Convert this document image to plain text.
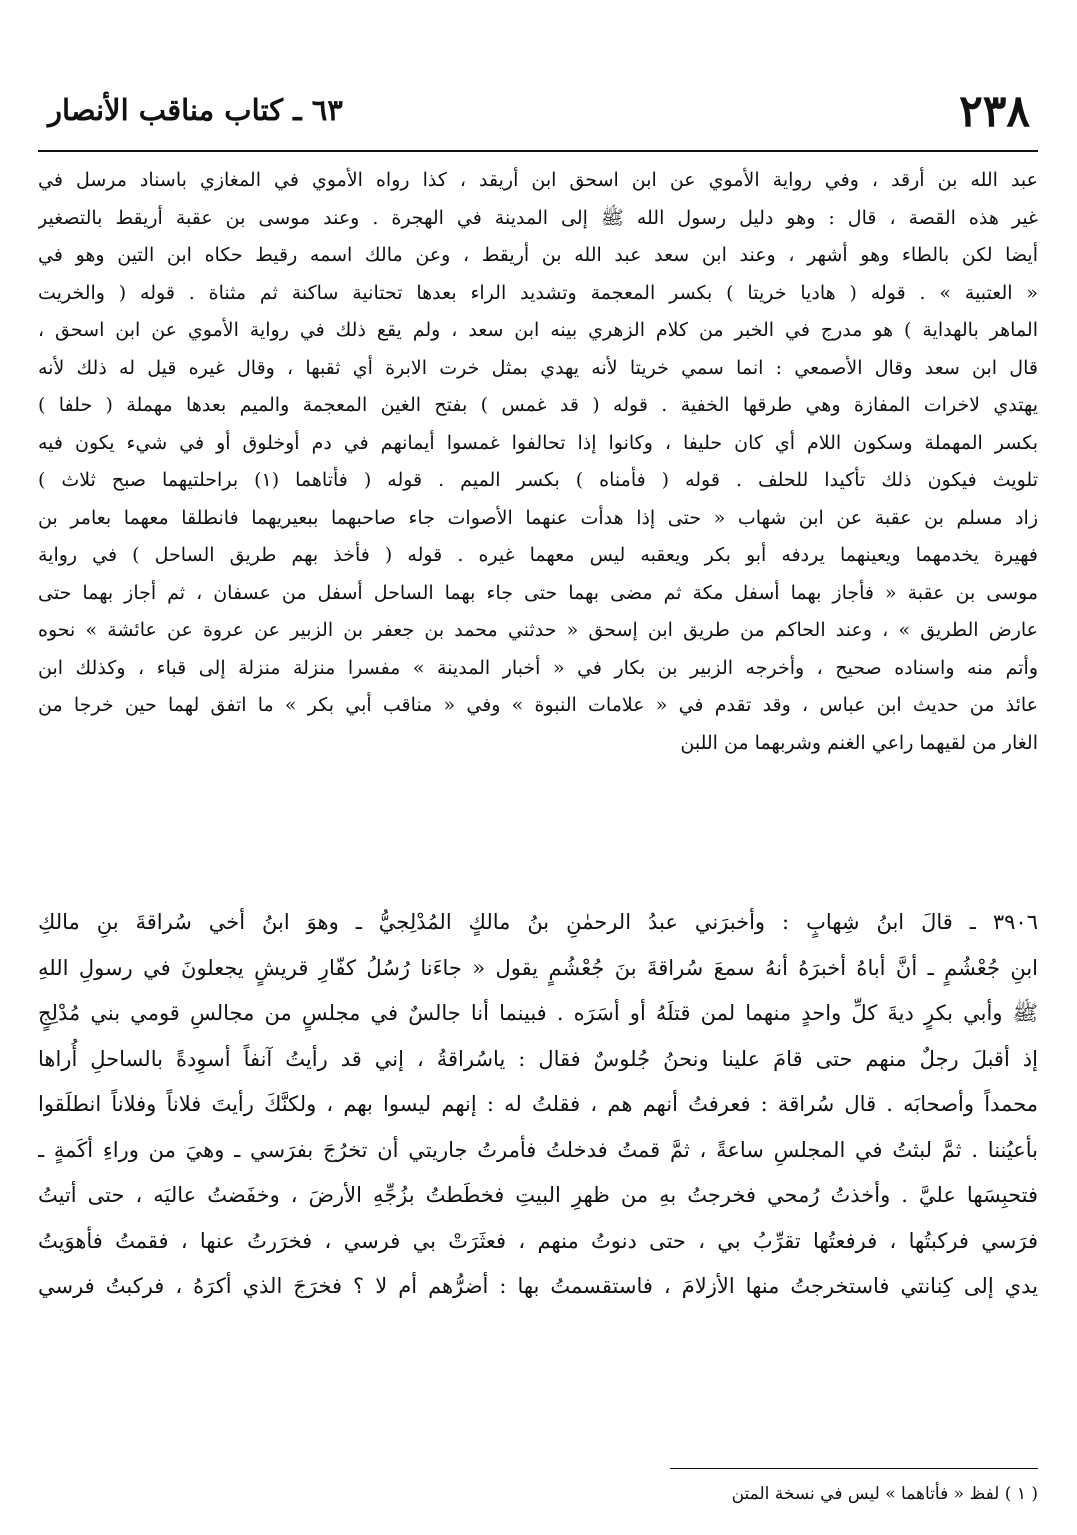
٢٣٨
٦٣ ـ كتاب مناقب الأنصار
عبد الله بن أرقد ، وفي رواية الأموي عن ابن اسحق ابن أريقد ، كذا رواه الأموي في المغازي باسناد مرسل في
غير هذه القصة ، قال : وهو دليل رسول الله ﷺ إلى المدينة في الهجرة . وعند موسى بن عقبة أريقط بالتصغير
أيضا لكن بالطاء وهو أشهر ، وعند ابن سعد عبد الله بن أريقط ، وعن مالك اسمه رقيط حكاه ابن التين وهو في
« العتبية » . قوله ( هاديا خريتا ) بكسر المعجمة وتشديد الراء بعدها تحتانية ساكنة ثم مثناة . قوله ( والخريت
الماهر بالهداية ) هو مدرج في الخبر من كلام الزهري بينه ابن سعد ، ولم يقع ذلك في رواية الأموي عن ابن اسحق ،
قال ابن سعد وقال الأصمعي : انما سمي خريتا لأنه يهدي بمثل خرت الابرة أي ثقبها ، وقال غيره قيل له ذلك لأنه
يهتدي لاخرات المفازة وهي طرقها الخفية . قوله ( قد غمس ) بفتح الغين المعجمة والميم بعدها مهملة ( حلفا )
بكسر المهملة وسكون اللام أي كان حليفا ، وكانوا إذا تحالفوا غمسوا أيمانهم في دم أوخلوق أو في شيء يكون فيه
تلويث فيكون ذلك تأكيدا للحلف . قوله ( فأمناه ) بكسر الميم . قوله ( فأتاهما (١) براحلتيهما صبح ثلاث )
زاد مسلم بن عقبة عن ابن شهاب « حتى إذا هدأت عنهما الأصوات جاء صاحبهما ببعيريهما فانطلقا معهما بعامر بن
فهيرة يخدمهما ويعينهما يردفه أبو بكر ويعقبه ليس معهما غيره . قوله ( فأخذ بهم طريق الساحل ) في رواية
موسى بن عقبة « فأجاز بهما أسفل مكة ثم مضى بهما حتى جاء بهما الساحل أسفل من عسفان ، ثم أجاز بهما حتى
عارض الطريق » ، وعند الحاكم من طريق ابن إسحق « حدثني محمد بن جعفر بن الزبير عن عروة عن عائشة » نحوه
وأتم منه واسناده صحيح ، وأخرجه الزبير بن بكار في « أخبار المدينة » مفسرا منزلة منزلة إلى قباء ، وكذلك ابن
عائذ من حديث ابن عباس ، وقد تقدم في « علامات النبوة » وفي « مناقب أبي بكر » ما اتفق لهما حين خرجا من
الغار من لقيهما راعي الغنم وشربهما من اللبن
٣٩٠٦ ـ قالَ ابنُ شِهابٍ : وأخبرَني عبدُ الرحمٰنِ بنُ مالكٍ المُدْلِجيُّ ـ وهوَ ابنُ أخي سُراقةَ بنِ مالكِ
ابنِ جُعْشُمٍ ـ أنَّ أباهُ أخبرَهُ أنهُ سمعَ سُراقةَ بنَ جُعْشُمٍ يقول « جاءَنا رُسُلُ كفّارِ قريشٍ يجعلونَ في رسولِ اللهِ
ﷺ وأبي بكرٍ ديةَ كلِّ واحدٍ منهما لمن قتلَهُ أو أسَرَه . فبينما أنا جالسٌ في مجلسٍ من مجالسِ قومي بني مُدْلِجٍ
إذ أقبلَ رجلٌ منهم حتى قامَ علينا ونحنُ جُلوسٌ فقال : ياسُراقةُ ، إني قد رأيتُ آنفاً أسوِدةً بالساحلِ أُراها
محمداً وأصحابَه . قال سُراقة : فعرفتُ أنهم هم ، فقلتُ له : إنهم ليسوا بهم ، ولكنَّكَ رأيتَ فلاناً وفلاناً انطلَقوا
بأعيُننا . ثمَّ لبثتُ في المجلسِ ساعةً ، ثمَّ قمتُ فدخلتُ فأمرتُ جاريتي أن تخرُجَ بفرَسي ـ وهيَ من وراءِ أكَمةٍ ـ
فتحبِسَها عليَّ . وأخذتُ رُمحي فخرجتُ بهِ من ظهرِ البيتِ فخطَطتُ بزُجِّهِ الأرضَ ، وخفَضتُ عاليَه ، حتى أتيتُ
فرَسي فركبتُها ، فرفعتُها تقرِّبُ بي ، حتى دنوتُ منهم ، فعثَرَتْ بي فرسي ، فخرَرتُ عنها ، فقمتُ فأهوَيتُ
يدي إلى كِنانتي فاستخرجتُ منها الأزلامَ ، فاستقسمتُ بها : أضرُّهم أم لا ؟ فخرَجَ الذي أكرَهُ ، فركبتُ فرسي
( ١ ) لفظ « فأتاهما » ليس في نسخة المتن
